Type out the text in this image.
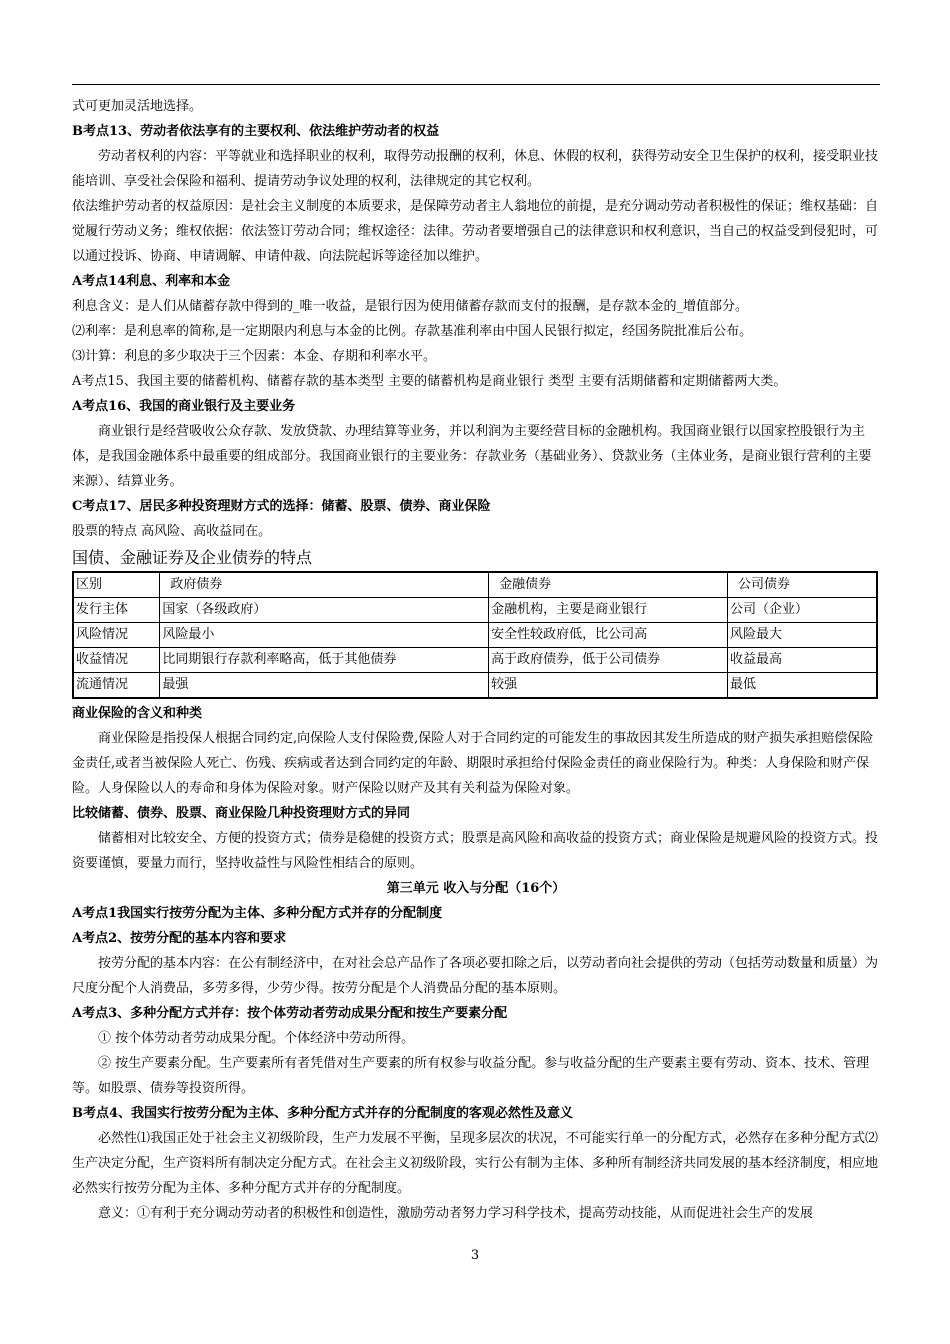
式可更加灵活地选择。

B考点13、劳动者依法享有的主要权利、依法维护劳动者的权益

劳动者权利的内容：平等就业和选择职业的权利，取得劳动报酬的权利，休息、休假的权利，获得劳动安全卫生保护的权利，接受职业技能培训、享受社会保险和福利、提请劳动争议处理的权利，法律规定的其它权利。

依法维护劳动者的权益原因：是社会主义制度的本质要求，是保障劳动者主人翁地位的前提，是充分调动劳动者积极性的保证；维权基础：自觉履行劳动义务；维权依据：依法签订劳动合同；维权途径：法律。劳动者要增强自己的法律意识和权利意识，当自己的权益受到侵犯时，可以通过投诉、协商、申请调解、申请仲裁、向法院起诉等途径加以维护。

A考点14利息、利率和本金

利息含义：是人们从储蓄存款中得到的_唯一收益，是银行因为使用储蓄存款而支付的报酬，是存款本金的_增值部分。

⑵利率：是利息率的简称,是一定期限内利息与本金的比例。存款基准利率由中国人民银行拟定，经国务院批准后公布。

⑶计算：利息的多少取决于三个因素：本金、存期和利率水平。

A考点15、我国主要的储蓄机构、储蓄存款的基本类型 主要的储蓄机构是商业银行 类型 主要有活期储蓄和定期储蓄两大类。

A考点16、我国的商业银行及主要业务

商业银行是经营吸收公众存款、发放贷款、办理结算等业务，并以利润为主要经营目标的金融机构。我国商业银行以国家控股银行为主体，是我国金融体系中最重要的组成部分。我国商业银行的主要业务：存款业务（基础业务）、贷款业务（主体业务，是商业银行营利的主要来源）、结算业务。

C考点17、居民多种投资理财方式的选择：储蓄、股票、债券、商业保险

股票的特点 高风险、高收益同在。

国债、金融证券及企业债券的特点

区别	政府债券	金融债券	公司债券
发行主体	国家（各级政府）	金融机构，主要是商业银行	公司（企业）
风险情况	风险最小	安全性较政府低，比公司高	风险最大
收益情况	比同期银行存款利率略高，低于其他债券	高于政府债券，低于公司债券	收益最高
流通情况	最强	较强	最低

商业保险的含义和种类

商业保险是指投保人根据合同约定,向保险人支付保险费,保险人对于合同约定的可能发生的事故因其发生所造成的财产损失承担赔偿保险金责任,或者当被保险人死亡、伤残、疾病或者达到合同约定的年龄、期限时承担给付保险金责任的商业保险行为。种类：人身保险和财产保险。人身保险以人的寿命和身体为保险对象。财产保险以财产及其有关利益为保险对象。

比较储蓄、债券、股票、商业保险几种投资理财方式的异同

储蓄相对比较安全、方便的投资方式；债券是稳健的投资方式；股票是高风险和高收益的投资方式；商业保险是规避风险的投资方式。投资要谨慎，要量力而行，坚持收益性与风险性相结合的原则。

第三单元 收入与分配（16个）

A考点1我国实行按劳分配为主体、多种分配方式并存的分配制度

A考点2、按劳分配的基本内容和要求

按劳分配的基本内容：在公有制经济中，在对社会总产品作了各项必要扣除之后，以劳动者向社会提供的劳动（包括劳动数量和质量）为尺度分配个人消费品，多劳多得，少劳少得。按劳分配是个人消费品分配的基本原则。

A考点3、多种分配方式并存：按个体劳动者劳动成果分配和按生产要素分配

① 按个体劳动者劳动成果分配。个体经济中劳动所得。

② 按生产要素分配。生产要素所有者凭借对生产要素的所有权参与收益分配。参与收益分配的生产要素主要有劳动、资本、技术、管理等。如股票、债券等投资所得。

B考点4、我国实行按劳分配为主体、多种分配方式并存的分配制度的客观必然性及意义

必然性⑴我国正处于社会主义初级阶段，生产力发展不平衡，呈现多层次的状况，不可能实行单一的分配方式，必然存在多种分配方式⑵生产决定分配，生产资料所有制决定分配方式。在社会主义初级阶段，实行公有制为主体、多种所有制经济共同发展的基本经济制度，相应地必然实行按劳分配为主体、多种分配方式并存的分配制度。

意义：①有利于充分调动劳动者的积极性和创造性，激励劳动者努力学习科学技术，提高劳动技能，从而促进社会生产的发展

3
